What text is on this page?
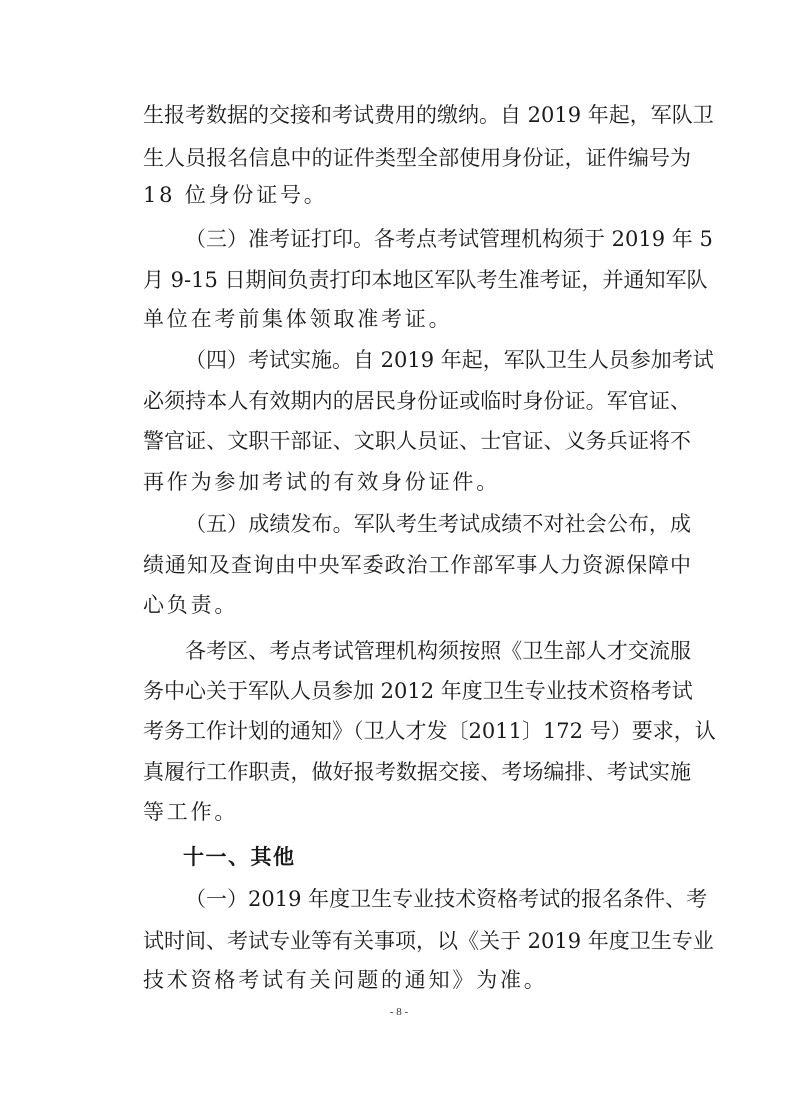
生报考数据的交接和考试费用的缴纳。自 2019 年起，军队卫
生人员报名信息中的证件类型全部使用身份证，证件编号为
18 位身份证号。
（三）准考证打印。各考点考试管理机构须于 2019 年 5
月 9-15 日期间负责打印本地区军队考生准考证，并通知军队
单位在考前集体领取准考证。
（四）考试实施。自 2019 年起，军队卫生人员参加考试
必须持本人有效期内的居民身份证或临时身份证。军官证、
警官证、文职干部证、文职人员证、士官证、义务兵证将不
再作为参加考试的有效身份证件。
（五）成绩发布。军队考生考试成绩不对社会公布，成
绩通知及查询由中央军委政治工作部军事人力资源保障中
心负责。
各考区、考点考试管理机构须按照《卫生部人才交流服
务中心关于军队人员参加 2012 年度卫生专业技术资格考试
考务工作计划的通知》（卫人才发〔2011〕172 号）要求，认
真履行工作职责，做好报考数据交接、考场编排、考试实施
等工作。
十一、其他
（一）2019 年度卫生专业技术资格考试的报名条件、考
试时间、考试专业等有关事项，以《关于 2019 年度卫生专业
技术资格考试有关问题的通知》为准。
- 8 -
